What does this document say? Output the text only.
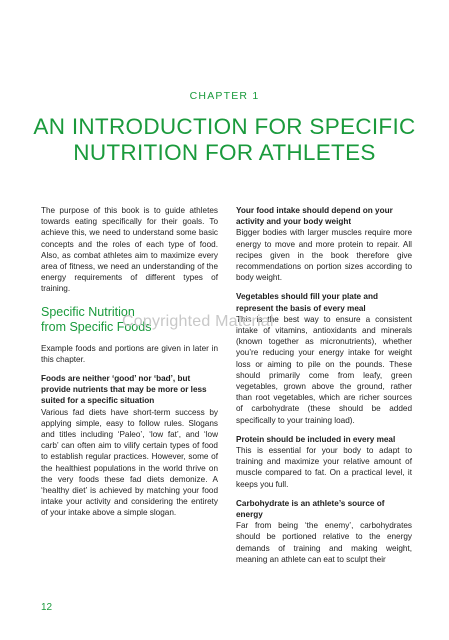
CHAPTER 1
AN INTRODUCTION FOR SPECIFIC
NUTRITION FOR ATHLETES

The purpose of this book is to guide athletes towards eating specifically for their goals. To achieve this, we need to understand some basic concepts and the roles of each type of food. Also, as combat athletes aim to maximize every area of fitness, we need an understanding of the energy requirements of different types of training.

Specific Nutrition
from Specific Foods

Example foods and portions are given in later in this chapter.

Foods are neither ‘good’ nor ‘bad’, but provide nutrients that may be more or less suited for a specific situation

Various fad diets have short-term success by applying simple, easy to follow rules. Slogans and titles including ‘Paleo’, ‘low fat’, and ‘low carb’ can often aim to vilify certain types of food to establish regular practices. However, some of the healthiest populations in the world thrive on the very foods these fad diets demonize. A ‘healthy diet’ is achieved by matching your food intake your activity and considering the entirety of your intake above a simple slogan.

Your food intake should depend on your activity and your body weight

Bigger bodies with larger muscles require more energy to move and more protein to repair. All recipes given in the book therefore give recommendations on portion sizes according to body weight.

Vegetables should fill your plate and represent the basis of every meal

This is the best way to ensure a consistent intake of vitamins, antioxidants and minerals (known together as micronutrients), whether you’re reducing your energy intake for weight loss or aiming to pile on the pounds. These should primarily come from leafy, green vegetables, grown above the ground, rather than root vegetables, which are richer sources of carbohydrate (these should be added specifically to your training load).

Protein should be included in every meal

This is essential for your body to adapt to training and maximize your relative amount of muscle compared to fat. On a practical level, it keeps you full.

Carbohydrate is an athlete’s source of energy

Far from being ‘the enemy’, carbohydrates should be portioned relative to the energy demands of training and making weight, meaning an athlete can eat to sculpt their

Copyrighted Material
12
